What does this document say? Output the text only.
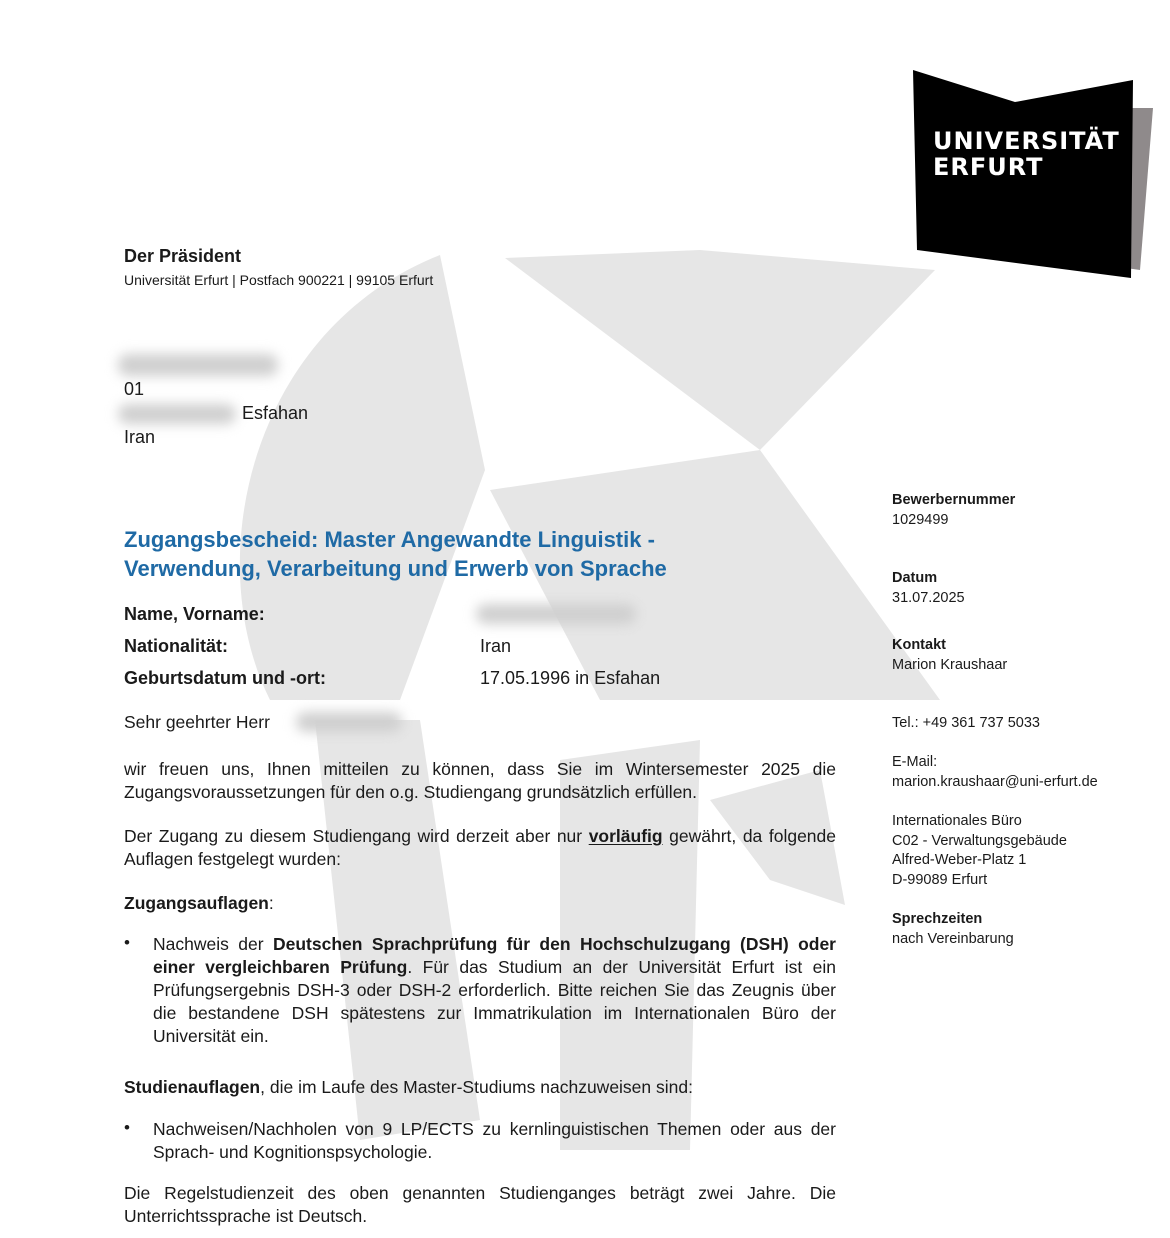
UNIVERSITÄT
ERFURT
Der Präsident
Universität Erfurt | Postfach 900221 | 99105 Erfurt
01
Esfahan
Iran
Zugangsbescheid: Master Angewandte Linguistik -
Verwendung, Verarbeitung und Erwerb von Sprache
Name, Vorname:
Nationalität:	Iran
Geburtsdatum und -ort:	17.05.1996 in Esfahan
Sehr geehrter Herr
wir freuen uns, Ihnen mitteilen zu können, dass Sie im Wintersemester 2025 die Zugangsvoraussetzungen für den o.g. Studiengang grundsätzlich erfüllen.
Der Zugang zu diesem Studiengang wird derzeit aber nur vorläufig gewährt, da folgende Auflagen festgelegt wurden:
Zugangsauflagen:
• Nachweis der Deutschen Sprachprüfung für den Hochschulzugang (DSH) oder einer vergleichbaren Prüfung. Für das Studium an der Universität Erfurt ist ein Prüfungsergebnis DSH-3 oder DSH-2 erforderlich. Bitte reichen Sie das Zeugnis über die bestandene DSH spätestens zur Immatrikulation im Internationalen Büro der Universität ein.
Studienauflagen, die im Laufe des Master-Studiums nachzuweisen sind:
• Nachweisen/Nachholen von 9 LP/ECTS zu kernlinguistischen Themen oder aus der Sprach- und Kognitionspsychologie.
Die Regelstudienzeit des oben genannten Studienganges beträgt zwei Jahre. Die Unterrichtssprache ist Deutsch.
Bewerbernummer
1029499
Datum
31.07.2025
Kontakt
Marion Kraushaar
Tel.: +49 361 737 5033
E-Mail:
marion.kraushaar@uni-erfurt.de
Internationales Büro
C02 - Verwaltungsgebäude
Alfred-Weber-Platz 1
D-99089 Erfurt
Sprechzeiten
nach Vereinbarung
